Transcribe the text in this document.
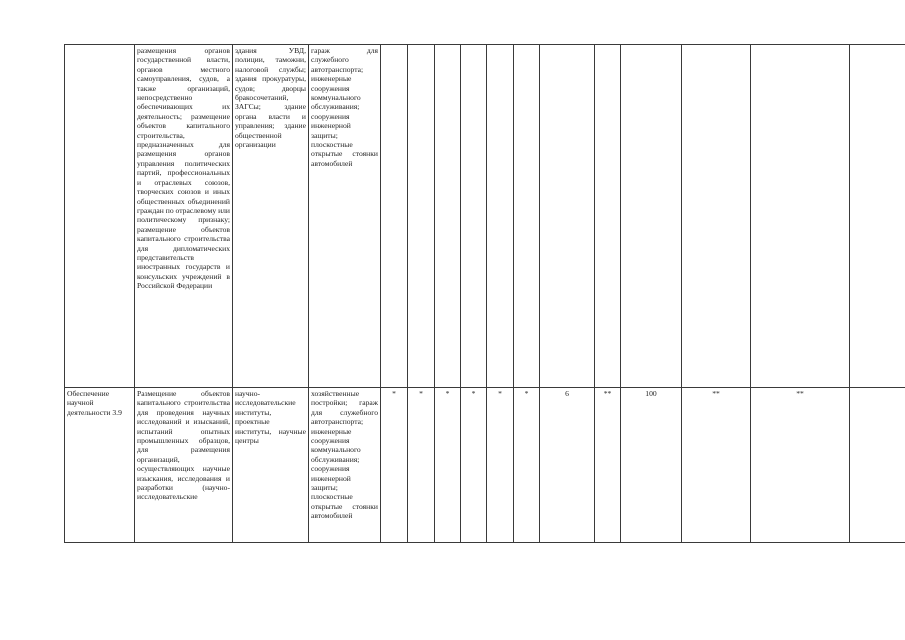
	размещения органов государственной власти, органов местного самоуправления, судов, а также организаций, непосредственно обеспечивающих их деятельность; размещение объектов капитального строительства, предназначенных для размещения органов управления политических партий, профессиональных и отраслевых союзов, творческих союзов и иных общественных объединений граждан по отраслевому или политическому признаку; размещение объектов капитального строительства для дипломатических представительств иностранных государств и консульских учреждений в Российской Федерации	здания УВД, полиции, таможни, налоговой службы; здания прокуратуры, судов; дворцы бракосочетаний, ЗАГСы; здание органа власти и управления; здание общественной организации	гараж для служебного автотранспорта; инженерные сооружения коммунального обслуживания; сооружения инженерной защиты; плоскостные открытые стоянки автомобилей												
Обеспечение научной деятельности 3.9	Размещение объектов капитального строительства для проведения научных исследований и изысканий, испытаний опытных промышленных образцов, для размещения организаций, осуществляющих научные изыскания, исследования и разработки (научно-исследовательские	научно-исследовательские институты, проектные институты, научные центры	хозяйственные постройки; гараж для служебного автотранспорта; инженерные сооружения коммунального обслуживания; сооружения инженерной защиты; плоскостные открытые стоянки автомобилей	*	*	*	*	*	*	6	**	100	**	**	
